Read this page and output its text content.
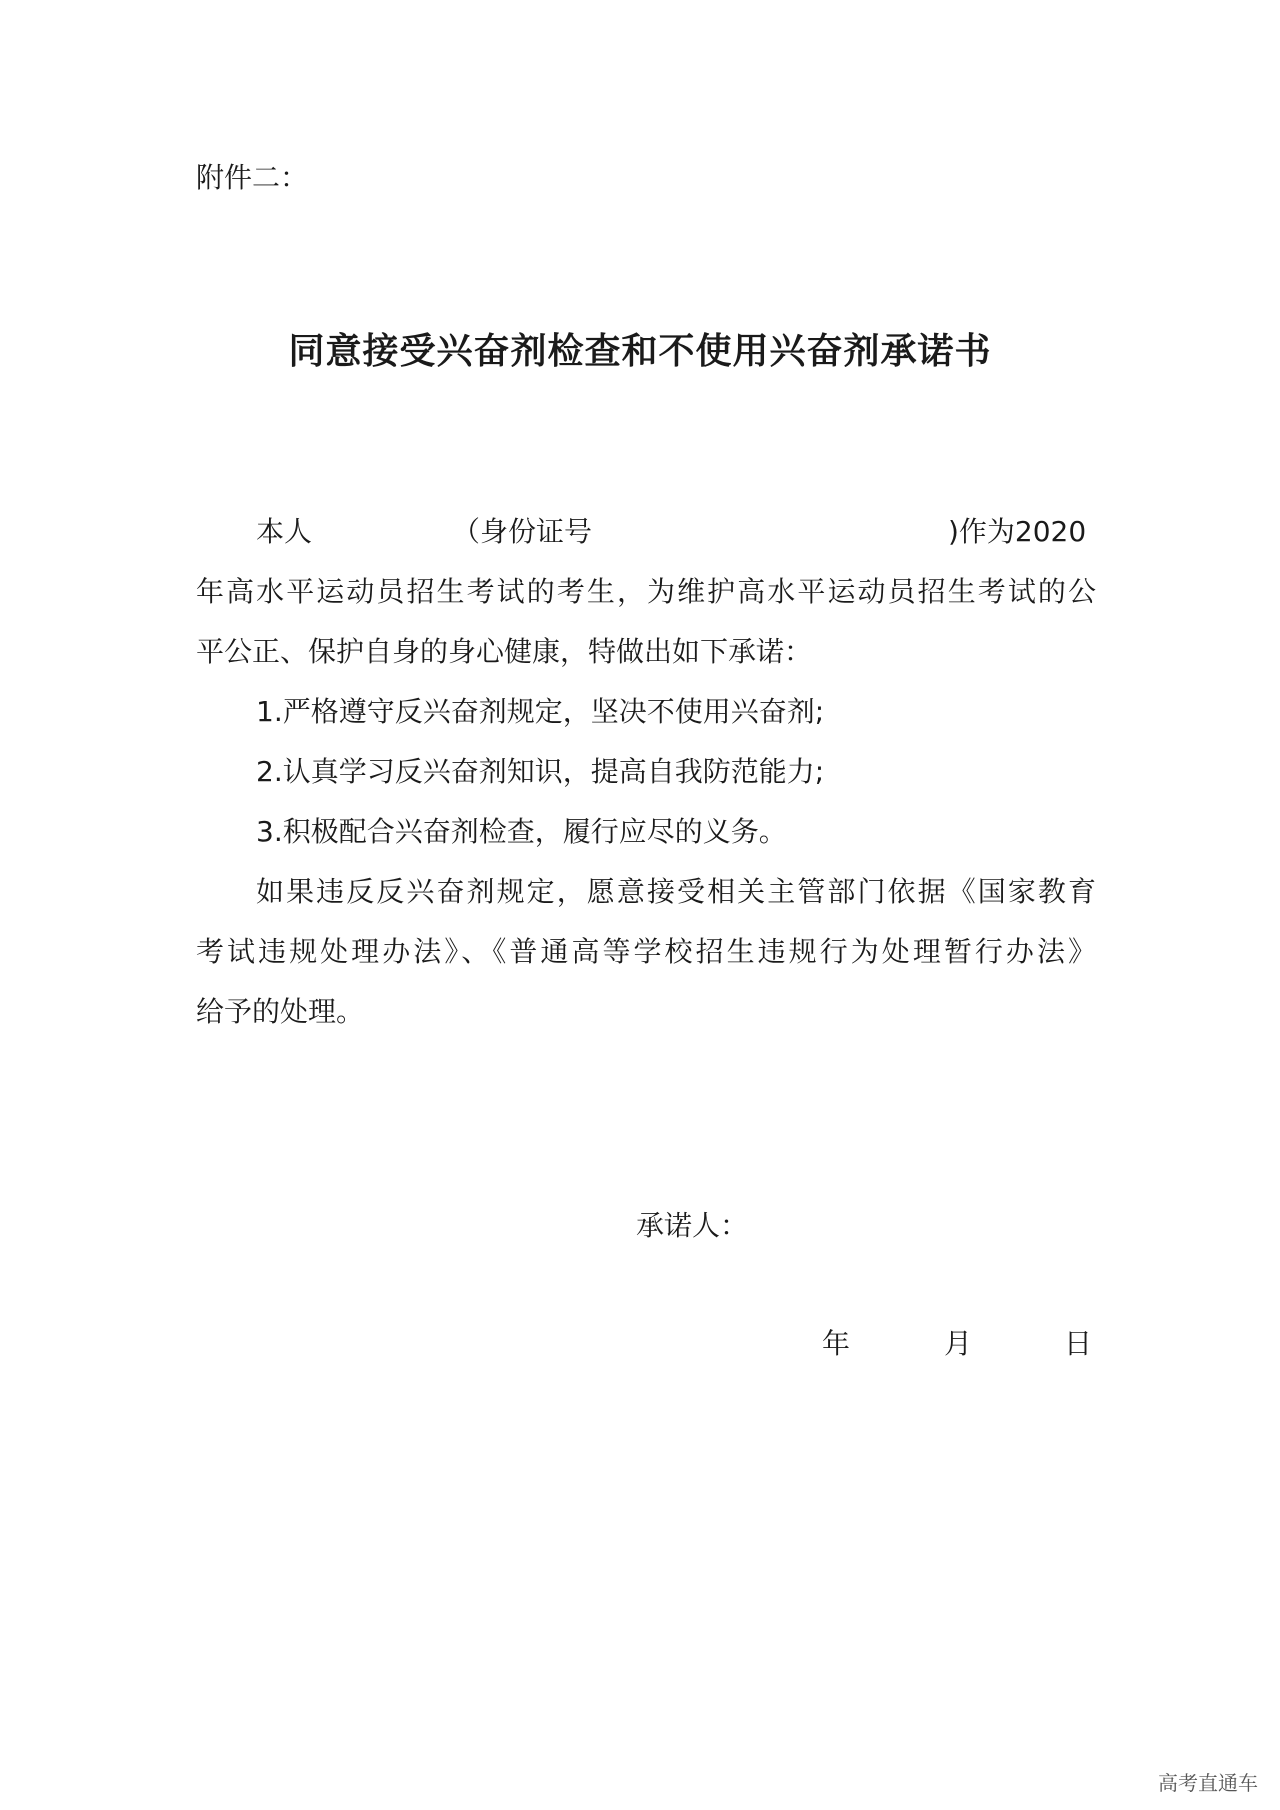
附件二：
同意接受兴奋剂检查和不使用兴奋剂承诺书
本人	（身份证号	)作为2020
年高水平运动员招生考试的考生，为维护高水平运动员招生考试的公
平公正、保护自身的身心健康，特做出如下承诺：
1.严格遵守反兴奋剂规定，坚决不使用兴奋剂;
2.认真学习反兴奋剂知识，提高自我防范能力;
3.积极配合兴奋剂检查，履行应尽的义务。
如果违反反兴奋剂规定，愿意接受相关主管部门依据《国家教育
考试违规处理办法》、《普通高等学校招生违规行为处理暂行办法》
给予的处理。
承诺人：
年	月	日
高考直通车
